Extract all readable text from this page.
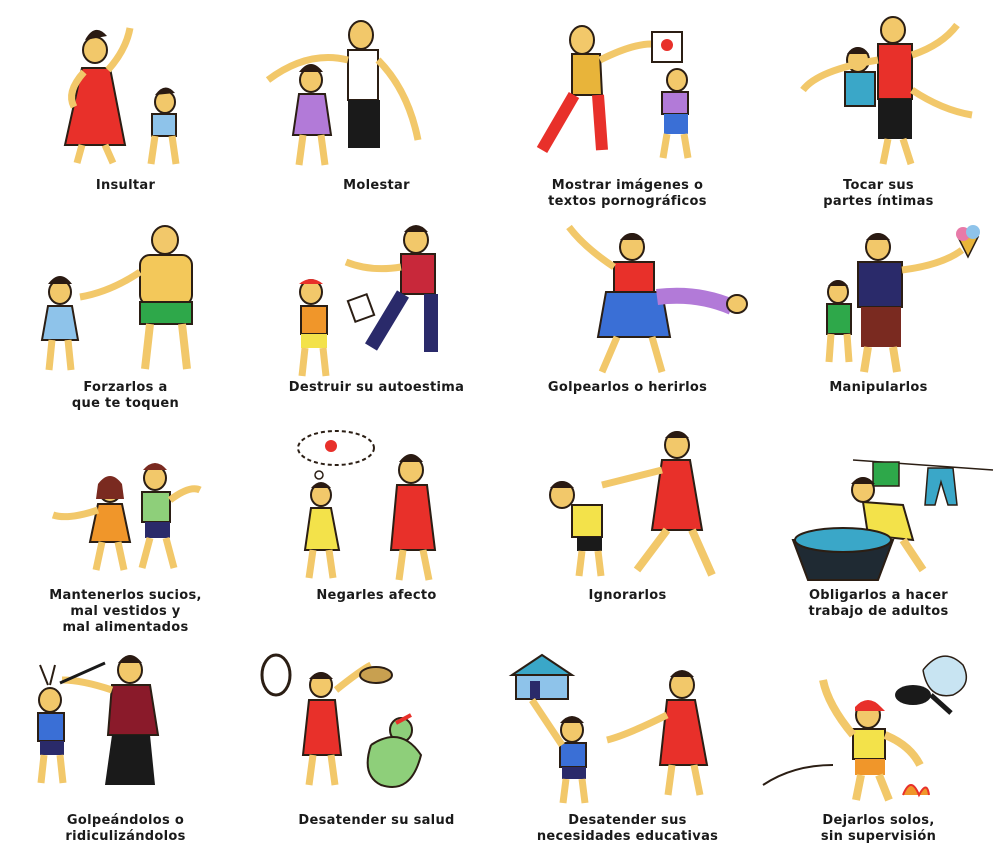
Insultar	Molestar	Mostrar imágenes o
textos pornográficos
Tocar sus
partes íntimas
Forzarlos a
que te toquen
Destruir su autoestima	Golpearlos o herirlos	Manipularlos
Mantenerlos sucios,
mal vestidos y
mal alimentados
Negarles afecto	Ignorarlos	Obligarlos a hacer
trabajo de adultos
Golpeándolos o
ridiculizándolos
Desatender su salud	Desatender sus
necesidades educativas
Dejarlos solos,
sin supervisión
